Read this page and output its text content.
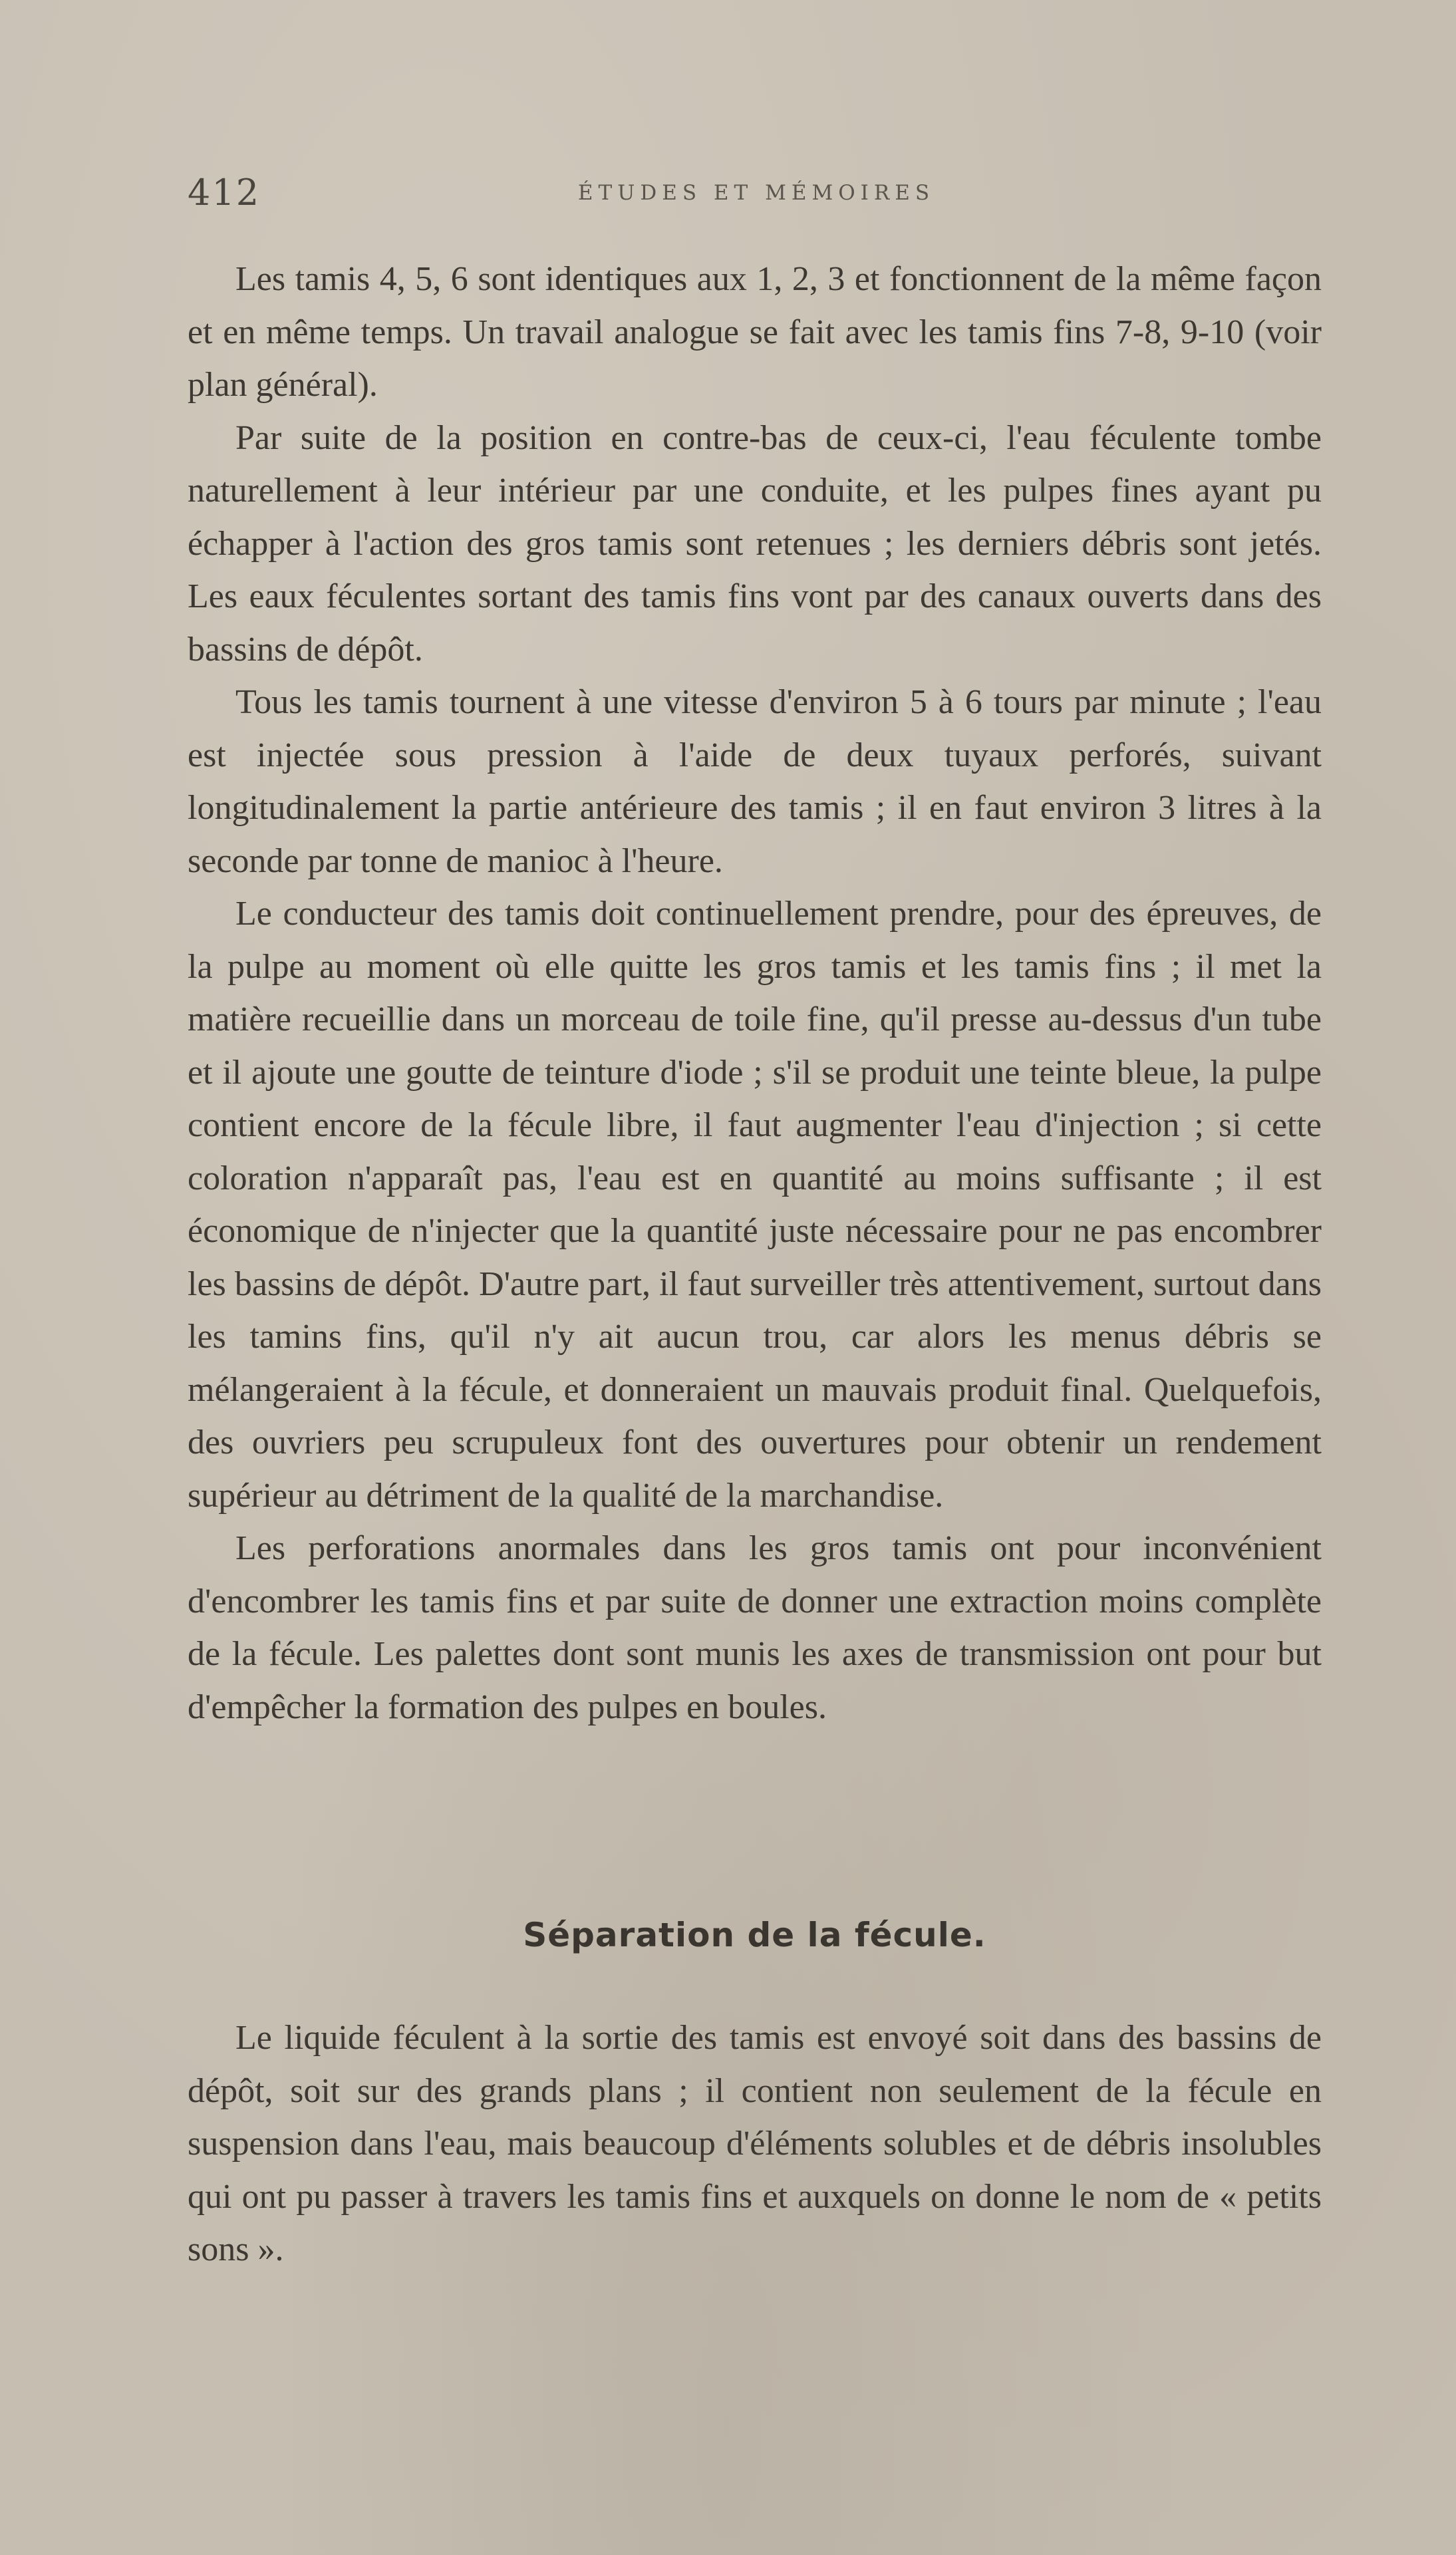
412	ÉTUDES ET MÉMOIRES

Les tamis 4, 5, 6 sont identiques aux 1, 2, 3 et fonctionnent de la même façon et en même temps. Un travail analogue se fait avec les tamis fins 7-8, 9-10 (voir plan général).

Par suite de la position en contre-bas de ceux-ci, l'eau féculente tombe naturellement à leur intérieur par une conduite, et les pulpes fines ayant pu échapper à l'action des gros tamis sont retenues ; les derniers débris sont jetés. Les eaux féculentes sortant des tamis fins vont par des canaux ouverts dans des bassins de dépôt.

Tous les tamis tournent à une vitesse d'environ 5 à 6 tours par minute ; l'eau est injectée sous pression à l'aide de deux tuyaux perforés, suivant longitudinalement la partie antérieure des tamis ; il en faut environ 3 litres à la seconde par tonne de manioc à l'heure.

Le conducteur des tamis doit continuellement prendre, pour des épreuves, de la pulpe au moment où elle quitte les gros tamis et les tamis fins ; il met la matière recueillie dans un morceau de toile fine, qu'il presse au-dessus d'un tube et il ajoute une goutte de teinture d'iode ; s'il se produit une teinte bleue, la pulpe contient encore de la fécule libre, il faut augmenter l'eau d'injection ; si cette coloration n'apparaît pas, l'eau est en quantité au moins suffisante ; il est économique de n'injecter que la quantité juste nécessaire pour ne pas encombrer les bassins de dépôt. D'autre part, il faut surveiller très attentivement, surtout dans les tamins fins, qu'il n'y ait aucun trou, car alors les menus débris se mélangeraient à la fécule, et donneraient un mauvais produit final. Quelquefois, des ouvriers peu scrupuleux font des ouvertures pour obtenir un rendement supérieur au détriment de la qualité de la marchandise.

Les perforations anormales dans les gros tamis ont pour inconvénient d'encombrer les tamis fins et par suite de donner une extraction moins complète de la fécule. Les palettes dont sont munis les axes de transmission ont pour but d'empêcher la formation des pulpes en boules.

Séparation de la fécule.

Le liquide féculent à la sortie des tamis est envoyé soit dans des bassins de dépôt, soit sur des grands plans ; il contient non seulement de la fécule en suspension dans l'eau, mais beaucoup d'éléments solubles et de débris insolubles qui ont pu passer à travers les tamis fins et auxquels on donne le nom de « petits sons ».
